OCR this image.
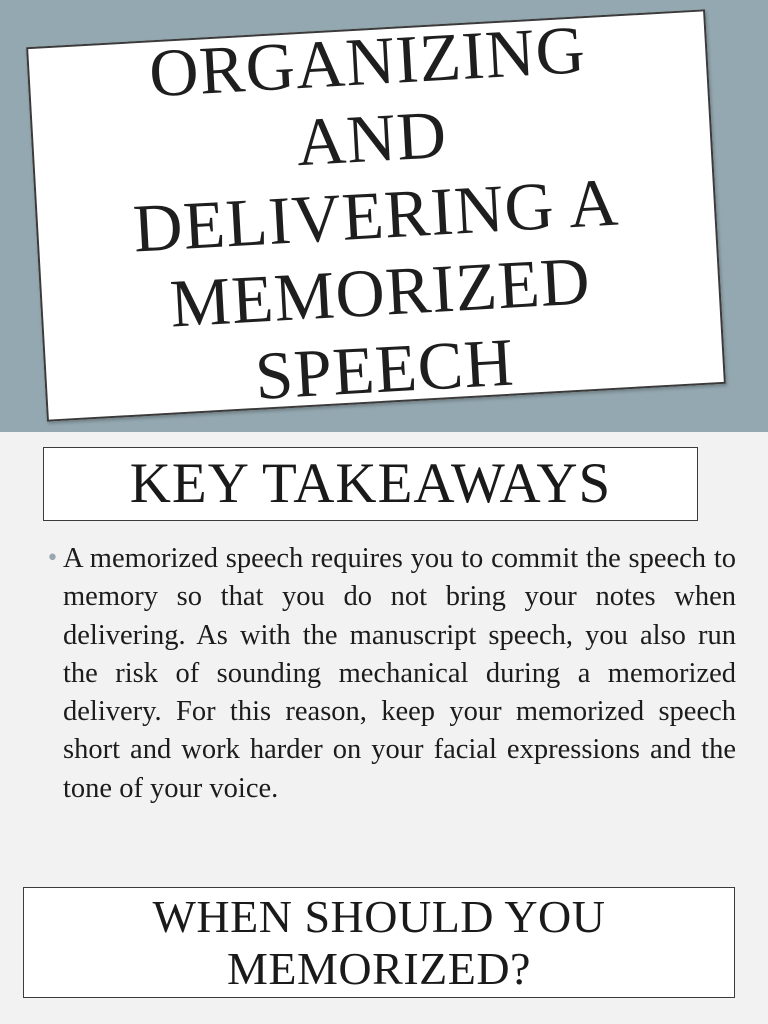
ORGANIZING AND
DELIVERING A
MEMORIZED
SPEECH
KEY TAKEAWAYS
• A memorized speech requires you to commit the speech to memory so that you do not bring your notes when delivering. As with the manuscript speech, you also run the risk of sounding mechanical during a memorized delivery. For this reason, keep your memorized speech short and work harder on your facial expressions and the tone of your voice.

WHEN SHOULD YOU
MEMORIZED?
